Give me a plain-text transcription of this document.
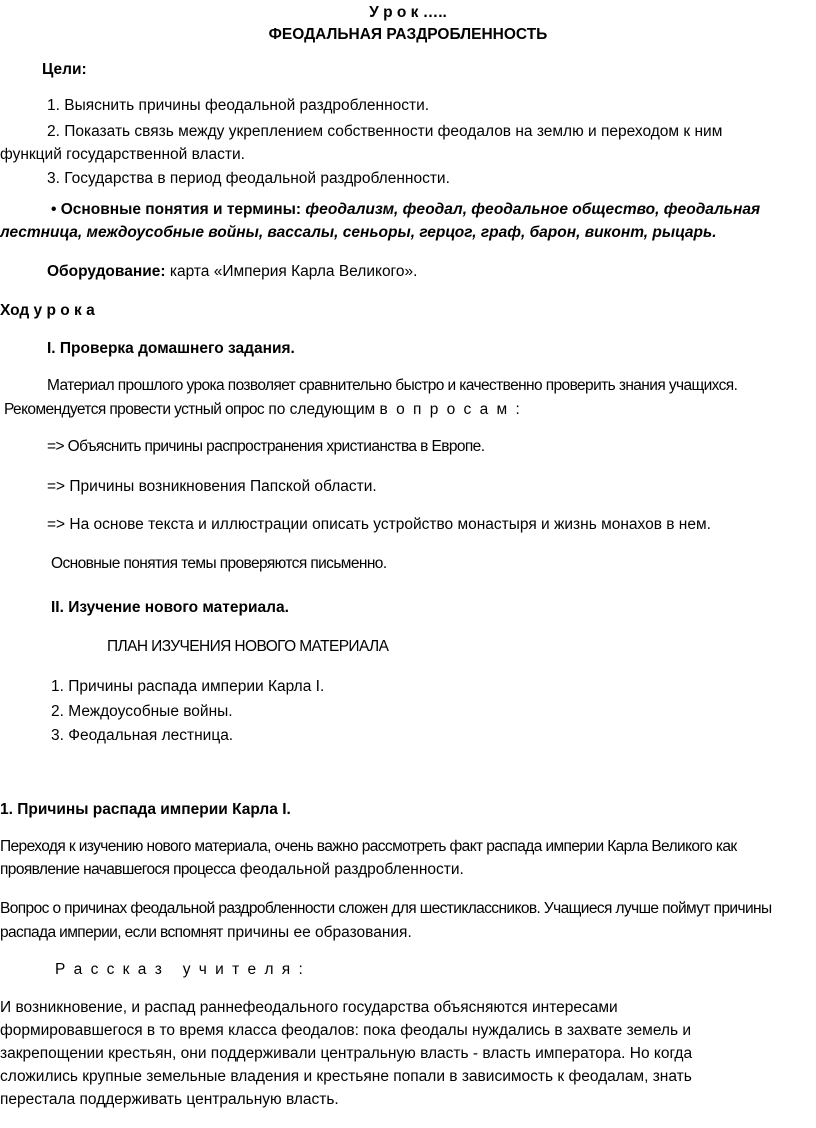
У р о к …..
ФЕОДАЛЬНАЯ РАЗДРОБЛЕННОСТЬ
Цели:
1. Выяснить причины феодальной раздробленности.
2. Показать связь между укреплением собственности феодалов на землю и переходом к ним
функций государственной власти.
3. Государства в период феодальной раздробленности.
• Основные понятия и термины: феодализм, феодал, феодальное общество, феодальная
лестница, междоусобные войны, вассалы, сеньоры, герцог, граф, барон, виконт, рыцарь.
Оборудование: карта «Империя Карла Великого».
Ход у р о к а
I. Проверка домашнего задания.
Материал прошлого урока позволяет сравнительно быстро и качественно проверить знания учащихся.
Рекомендуется провести устный опрос по следующим в о п р о с а м :
=> Объяснить причины распространения христианства в Европе.
=> Причины возникновения Папской области.
=> На основе текста и иллюстрации описать устройство монастыря и жизнь монахов в нем.
Основные понятия темы проверяются письменно.
II. Изучение нового материала.
ПЛАН ИЗУЧЕНИЯ НОВОГО МАТЕРИАЛА
1. Причины распада империи Карла I.
2. Междоусобные войны.
3. Феодальная лестница.
1. Причины распада империи Карла I.
Переходя к изучению нового материала, очень важно рассмотреть факт распада империи Карла Великого как
проявление начавшегося процесса феодальной раздробленности.
Вопрос о причинах феодальной раздробленности сложен для шестиклассников. Учащиеся лучше поймут причины
распада империи, если вспомнят причины ее образования.
Р а с с к а з   у ч и т е л я :
И возникновение, и распад раннефеодального государства объясняются интересами
формировавшегося в то время класса феодалов: пока феодалы нуждались в захвате земель и
закрепощении крестьян, они поддерживали центральную власть - власть императора. Но когда
сложились крупные земельные владения и крестьяне попали в зависимость к феодалам, знать
перестала поддерживать центральную власть.
